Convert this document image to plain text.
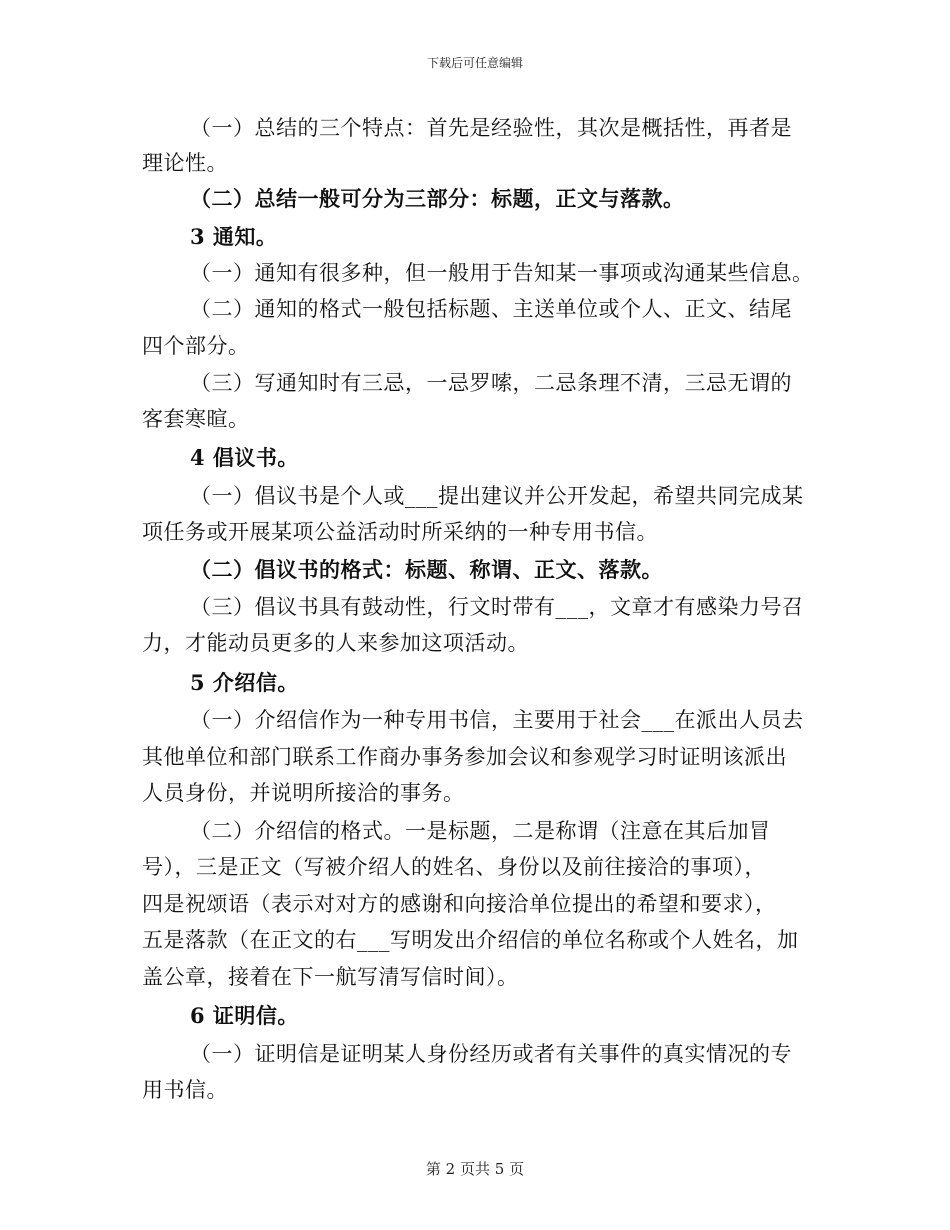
下载后可任意编辑
（一）总结的三个特点：首先是经验性，其次是概括性，再者是
理论性。
（二）总结一般可分为三部分：标题，正文与落款。
3 通知。
（一）通知有很多种，但一般用于告知某一事项或沟通某些信息。
（二）通知的格式一般包括标题、主送单位或个人、正文、结尾
四个部分。
（三）写通知时有三忌，一忌罗嗦，二忌条理不清，三忌无谓的
客套寒暄。
4 倡议书。
（一）倡议书是个人或___提出建议并公开发起，希望共同完成某
项任务或开展某项公益活动时所采纳的一种专用书信。
（二）倡议书的格式：标题、称谓、正文、落款。
（三）倡议书具有鼓动性，行文时带有___，文章才有感染力号召
力，才能动员更多的人来参加这项活动。
5 介绍信。
（一）介绍信作为一种专用书信，主要用于社会___在派出人员去
其他单位和部门联系工作商办事务参加会议和参观学习时证明该派出
人员身份，并说明所接洽的事务。
（二）介绍信的格式。一是标题，二是称谓（注意在其后加冒
号），三是正文（写被介绍人的姓名、身份以及前往接洽的事项），
四是祝颂语（表示对对方的感谢和向接洽单位提出的希望和要求），
五是落款（在正文的右___写明发出介绍信的单位名称或个人姓名，加
盖公章，接着在下一航写清写信时间）。
6 证明信。
（一）证明信是证明某人身份经历或者有关事件的真实情况的专
用书信。
第 2 页共 5 页
